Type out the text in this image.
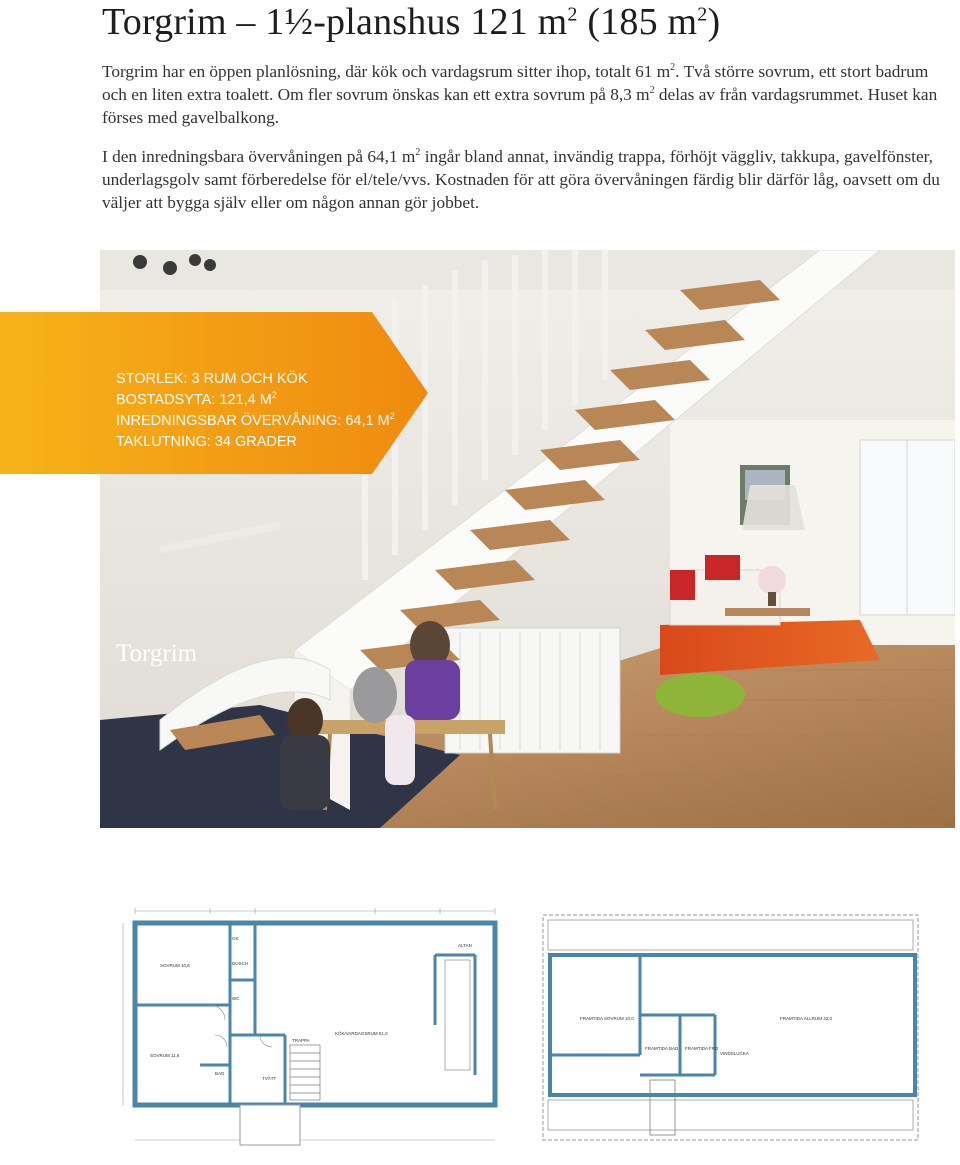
Torgrim – 1½-planshus 121 $m^2$ (185 $m^2$)

Torgrim har en öppen planlösning, där kök och vardagsrum sitter ihop, totalt 61 $m^2$. Två större sovrum, ett stort badrum och en liten extra toalett. Om fler sovrum önskas kan ett extra sovrum på 8,3 $m^2$ delas av från vardagsrummet. Huset kan förses med gavelbalkong.

I den inredningsbara övervåningen på 64,1 $m^2$ ingår bland annat, invändig trappa, förhöjt väggliv, takkupa, gavelfönster, underlagsgolv samt förberedelse för el/tele/vvs. Kostnaden för att göra övervåningen färdig blir därför låg, oavsett om du väljer att bygga själv eller om någon annan gör jobbet.

Torgrim
STORLEK: 3 RUM OCH KÖK
BOSTADSYTA: 121,4 $M^2$
INREDNINGSBAR ÖVERVÅNING: 64,1 $M^2$
TAKLUTNING: 34 GRADER
SOVRUM 10,6
GK
SOVRUM 11,6
BAD
TVÄTT
KÖK/VARDAGSRUM 61,0
ALTAN
TRAPPA
DUSCH
WC
FRAMTIDA SOVRUM 10,0	FRAMTIDA ALLRUM 42,0
FRAMTIDA BAD FRAMTIDA FRD
VINDSLUCKA
